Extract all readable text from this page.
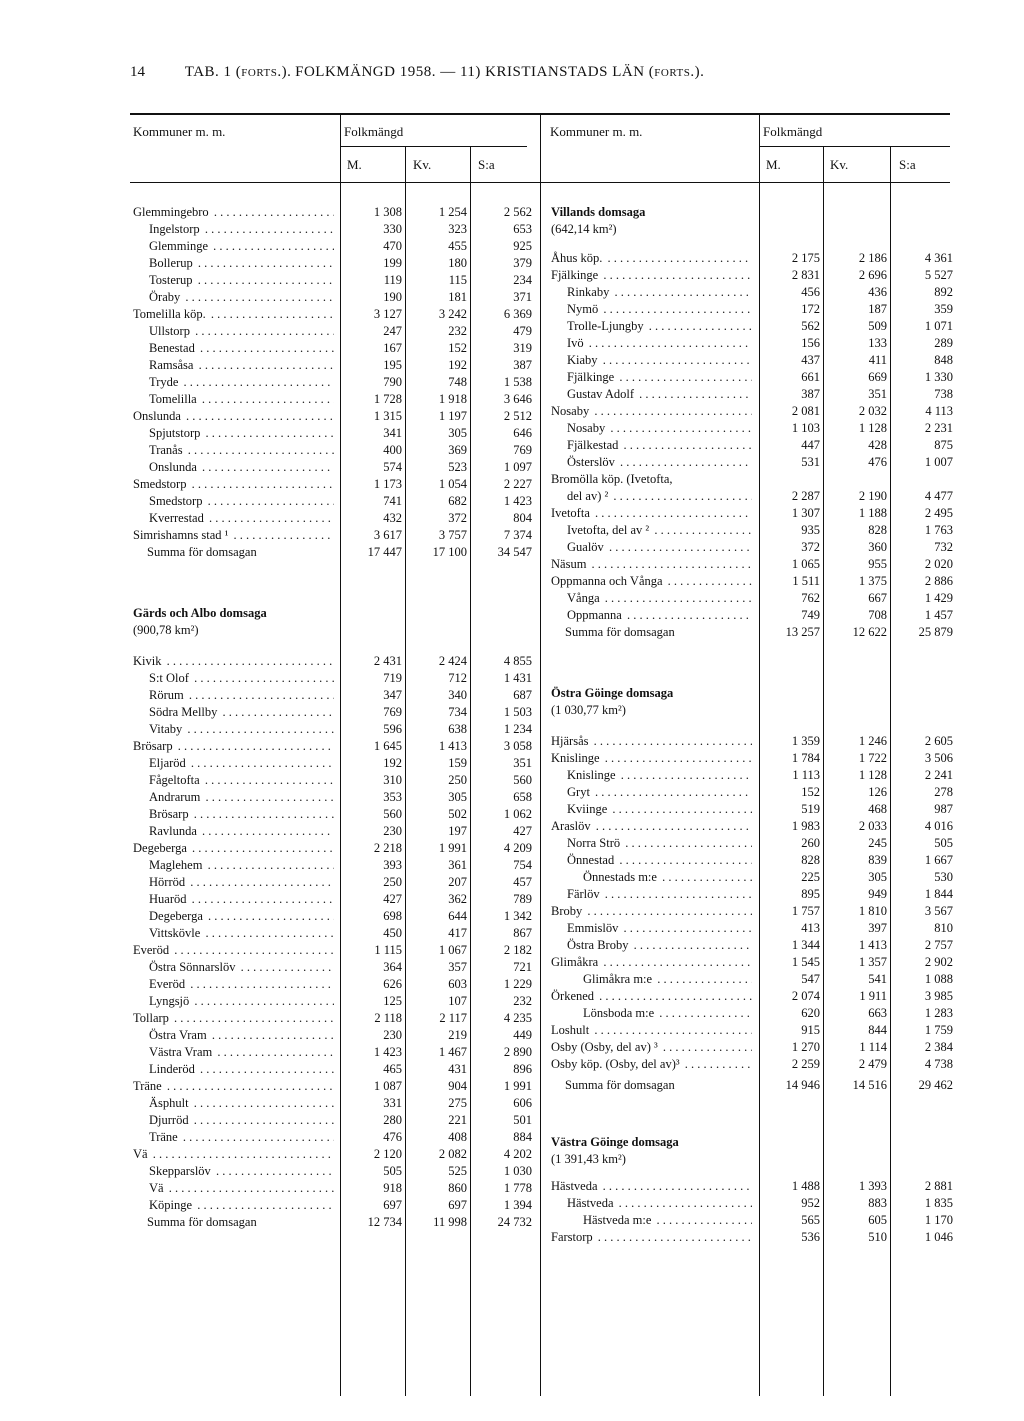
14	TAB. 1 (forts.). FOLKMÄNGD 1958. — 11) KRISTIANSTADS LÄN (forts.).
Kommuner m. m.	Folkmängd
M.	Kv.	S:a
Kommuner m. m.	Folkmängd
M.	Kv.	S:a
Glemmingebro . . .	1 308	1 254	2 562
Ingelstorp . . .	330	323	653
Glemminge . . .	470	455	925
Bollerup . . .	199	180	379
Tosterup . . .	119	115	234
Öraby . . .	190	181	371
Tomelilla köp. . . .	3 127	3 242	6 369
Ullstorp . . .	247	232	479
Benestad . . .	167	152	319
Ramsåsa . . .	195	192	387
Tryde . . .	790	748	1 538
Tomelilla . . .	1 728	1 918	3 646
Onslunda . . .	1 315	1 197	2 512
Spjutstorp . . .	341	305	646
Tranås . . .	400	369	769
Onslunda . . .	574	523	1 097
Smedstorp . . .	1 173	1 054	2 227
Smedstorp . . .	741	682	1 423
Kverrestad . . .	432	372	804
Simrishamns stad ¹ . . .	3 617	3 757	7 374
Summa för domsagan	17 447	17 100	34 547
Gärds och Albo domsaga
(900,78 km²)
Kivik . . .	2 431	2 424	4 855
S:t Olof . . .	719	712	1 431
Rörum . . .	347	340	687
Södra Mellby . . .	769	734	1 503
Vitaby . . .	596	638	1 234
Brösarp . . .	1 645	1 413	3 058
Eljaröd . . .	192	159	351
Fågeltofta . . .	310	250	560
Andrarum . . .	353	305	658
Brösarp . . .	560	502	1 062
Ravlunda . . .	230	197	427
Degeberga . . .	2 218	1 991	4 209
Maglehem . . .	393	361	754
Hörröd . . .	250	207	457
Huaröd . . .	427	362	789
Degeberga . . .	698	644	1 342
Vittskövle . . .	450	417	867
Everöd . . .	1 115	1 067	2 182
Östra Sönnarslöv . . .	364	357	721
Everöd . . .	626	603	1 229
Lyngsjö . . .	125	107	232
Tollarp . . .	2 118	2 117	4 235
Östra Vram . . .	230	219	449
Västra Vram . . .	1 423	1 467	2 890
Linderöd . . .	465	431	896
Träne . . .	1 087	904	1 991
Äsphult . . .	331	275	606
Djurröd . . .	280	221	501
Träne . . .	476	408	884
Vä . . .	2 120	2 082	4 202
Skepparslöv . . .	505	525	1 030
Vä . . .	918	860	1 778
Köpinge . . .	697	697	1 394
Summa för domsagan	12 734	11 998	24 732
Villands domsaga
(642,14 km²)
Åhus köp. . . .	2 175	2 186	4 361
Fjälkinge . . .	2 831	2 696	5 527
Rinkaby . . .	456	436	892
Nymö . . .	172	187	359
Trolle-Ljungby . . .	562	509	1 071
Ivö . . .	156	133	289
Kiaby . . .	437	411	848
Fjälkinge . . .	661	669	1 330
Gustav Adolf . . .	387	351	738
Nosaby . . .	2 081	2 032	4 113
Nosaby . . .	1 103	1 128	2 231
Fjälkestad . . .	447	428	875
Österslöv . . .	531	476	1 007
Bromölla köp. (Ivetofta,
del av) ² . . .	2 287	2 190	4 477
Ivetofta . . .	1 307	1 188	2 495
Ivetofta, del av ² . . .	935	828	1 763
Gualöv . . .	372	360	732
Näsum . . .	1 065	955	2 020
Oppmanna och Vånga . . .	1 511	1 375	2 886
Vånga . . .	762	667	1 429
Oppmanna . . .	749	708	1 457
Summa för domsagan	13 257	12 622	25 879
Östra Göinge domsaga
(1 030,77 km²)
Hjärsås . . .	1 359	1 246	2 605
Knislinge . . .	1 784	1 722	3 506
Knislinge . . .	1 113	1 128	2 241
Gryt . . .	152	126	278
Kviinge . . .	519	468	987
Araslöv . . .	1 983	2 033	4 016
Norra Strö . . .	260	245	505
Önnestad . . .	828	839	1 667
Önnestads m:e . . .	225	305	530
Färlöv . . .	895	949	1 844
Broby . . .	1 757	1 810	3 567
Emmislöv . . .	413	397	810
Östra Broby . . .	1 344	1 413	2 757
Glimåkra . . .	1 545	1 357	2 902
Glimåkra m:e . . .	547	541	1 088
Örkened . . .	2 074	1 911	3 985
Lönsboda m:e . . .	620	663	1 283
Loshult . . .	915	844	1 759
Osby (Osby, del av) ³ . . .	1 270	1 114	2 384
Osby köp. (Osby, del av)³ . . .	2 259	2 479	4 738
Summa för domsagan	14 946	14 516	29 462
Västra Göinge domsaga
(1 391,43 km²)
Hästveda . . .	1 488	1 393	2 881
Hästveda . . .	952	883	1 835
Hästveda m:e . . .	565	605	1 170
Farstorp . . .	536	510	1 046
